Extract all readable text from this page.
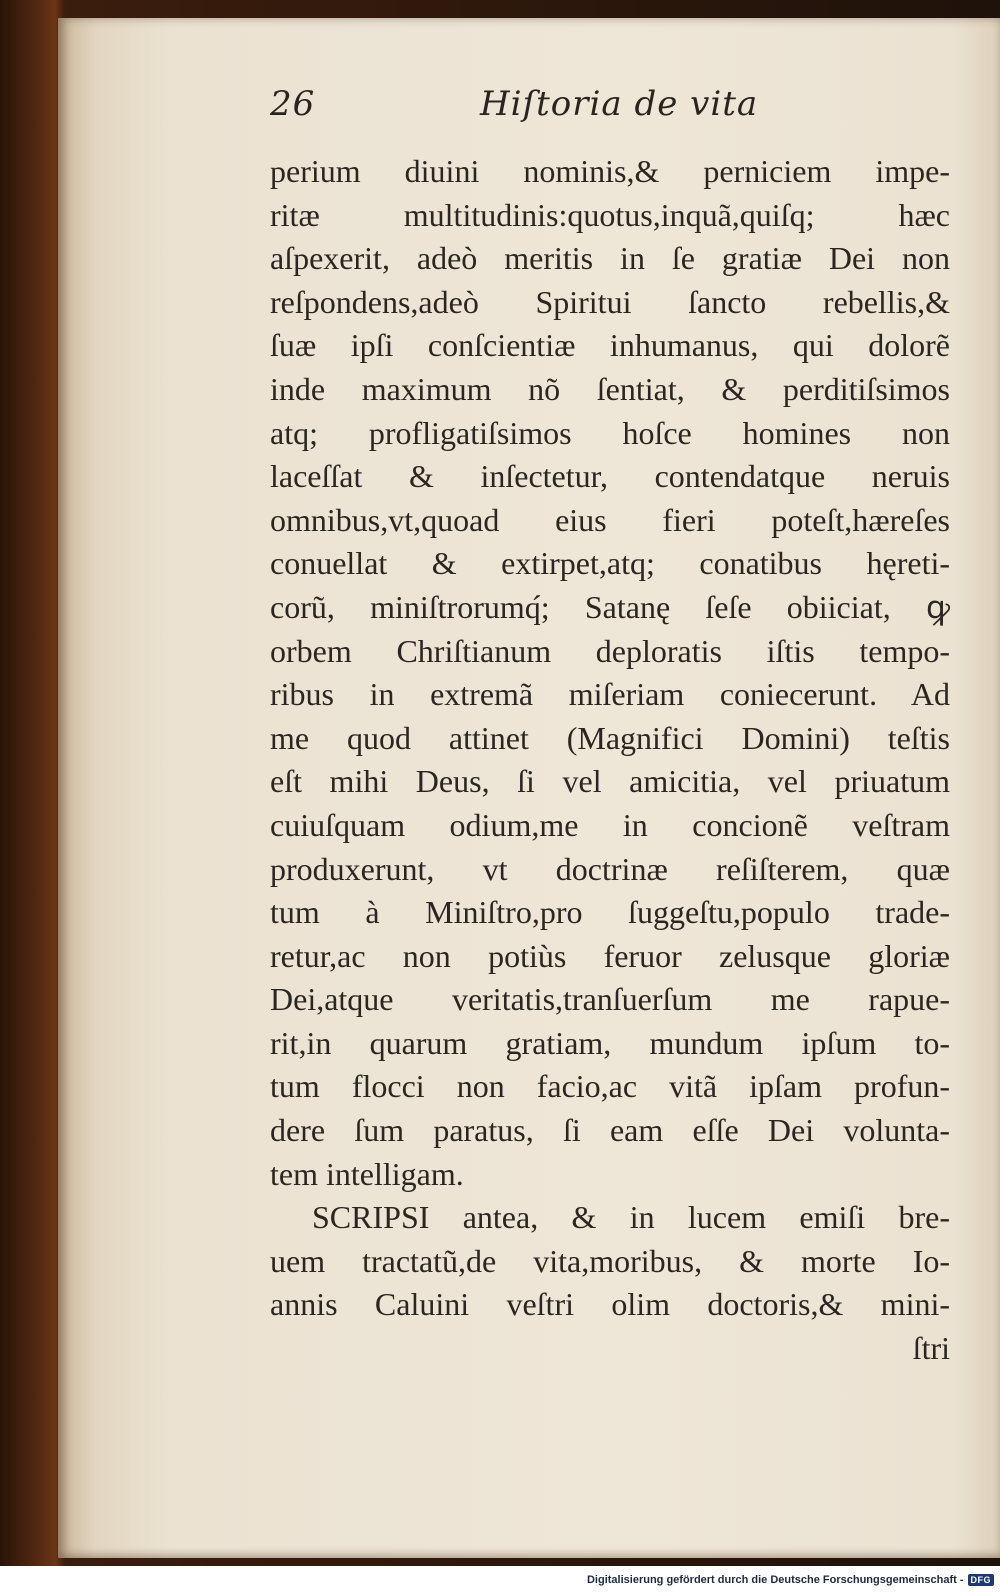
26	Hiſtoria de vita
perium diuini nominis,& perniciem impe-
ritæ multitudinis:quotus,inquã,quiſq; hæc
aſpexerit, adeò meritis in ſe gratiæ Dei non
reſpondens,adeò Spiritui ſancto rebellis,&
ſuæ ipſi conſcientiæ inhumanus, qui dolorẽ
inde maximum nõ ſentiat, & perditiſsimos
atq; profligatiſsimos hoſce homines non
laceſſat & inſectetur, contendatque neruis
omnibus,vt,quoad eius fieri poteſt,hæreſes
conuellat & extirpet,atq; conatibus hęreti-
corũ, miniſtrorumq́; Satanę ſeſe obiiciat, ꝙ
orbem Chriſtianum deploratis iſtis tempo-
ribus in extremã miſeriam coniecerunt. Ad
me quod attinet (Magnifici Domini) teſtis
eſt mihi Deus, ſi vel amicitia, vel priuatum
cuiuſquam odium,me in concionẽ veſtram
produxerunt, vt doctrinæ reſiſterem, quæ
tum à Miniſtro,pro ſuggeſtu,populo trade-
retur,ac non potiùs feruor zelusque gloriæ
Dei,atque veritatis,tranſuerſum me rapue-
rit,in quarum gratiam, mundum ipſum to-
tum flocci non facio,ac vitã ipſam profun-
dere ſum paratus, ſi eam eſſe Dei volunta-
tem intelligam.
SCRIPSI antea, & in lucem emiſi bre-
uem tractatũ,de vita,moribus, & morte Io-
annis Caluini veſtri olim doctoris,& mini-
ſtri
Digitalisierung gefördert durch die Deutsche Forschungsgemeinschaft - DFG
